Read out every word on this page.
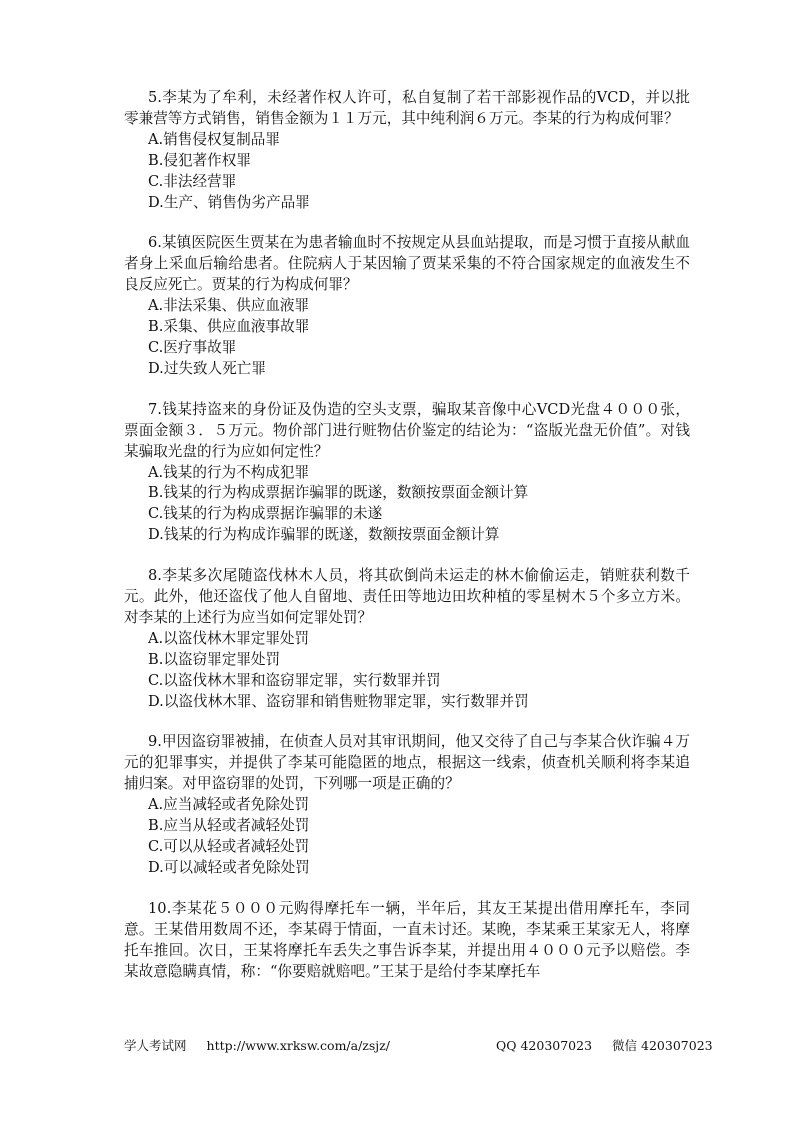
5.李某为了牟利，未经著作权人许可，私自复制了若干部影视作品的VCD，并以批零兼营等方式销售，销售金额为１１万元，其中纯利润６万元。李某的行为构成何罪？

A.销售侵权复制品罪
B.侵犯著作权罪
C.非法经营罪
D.生产、销售伪劣产品罪

6.某镇医院医生贾某在为患者输血时不按规定从县血站提取，而是习惯于直接从献血者身上采血后输给患者。住院病人于某因输了贾某采集的不符合国家规定的血液发生不良反应死亡。贾某的行为构成何罪？

A.非法采集、供应血液罪
B.采集、供应血液事故罪
C.医疗事故罪
D.过失致人死亡罪

7.钱某持盗来的身份证及伪造的空头支票，骗取某音像中心VCD光盘４０００张，票面金额３．５万元。物价部门进行赃物估价鉴定的结论为：“盗版光盘无价值”。对钱某骗取光盘的行为应如何定性？

A.钱某的行为不构成犯罪
B.钱某的行为构成票据诈骗罪的既遂，数额按票面金额计算
C.钱某的行为构成票据诈骗罪的未遂
D.钱某的行为构成诈骗罪的既遂，数额按票面金额计算

8.李某多次尾随盗伐林木人员，将其砍倒尚未运走的林木偷偷运走，销赃获利数千元。此外，他还盗伐了他人自留地、责任田等地边田坎种植的零星树木５个多立方米。对李某的上述行为应当如何定罪处罚？

A.以盗伐林木罪定罪处罚
B.以盗窃罪定罪处罚
C.以盗伐林木罪和盗窃罪定罪，实行数罪并罚
D.以盗伐林木罪、盗窃罪和销售赃物罪定罪，实行数罪并罚

9.甲因盗窃罪被捕，在侦查人员对其审讯期间，他又交待了自己与李某合伙诈骗４万元的犯罪事实，并提供了李某可能隐匿的地点，根据这一线索，侦查机关顺利将李某追捕归案。对甲盗窃罪的处罚，下列哪一项是正确的？

A.应当减轻或者免除处罚
B.应当从轻或者减轻处罚
C.可以从轻或者减轻处罚
D.可以减轻或者免除处罚

10.李某花５０００元购得摩托车一辆，半年后，其友王某提出借用摩托车，李同意。王某借用数周不还，李某碍于情面，一直未讨还。某晚，李某乘王某家无人，将摩托车推回。次日，王某将摩托车丢失之事告诉李某，并提出用４０００元予以赔偿。李某故意隐瞒真情，称：“你要赔就赔吧。”王某于是给付李某摩托车

学人考试网 http://www.xrksw.com/a/zsjz/	QQ 420307023 微信 420307023
